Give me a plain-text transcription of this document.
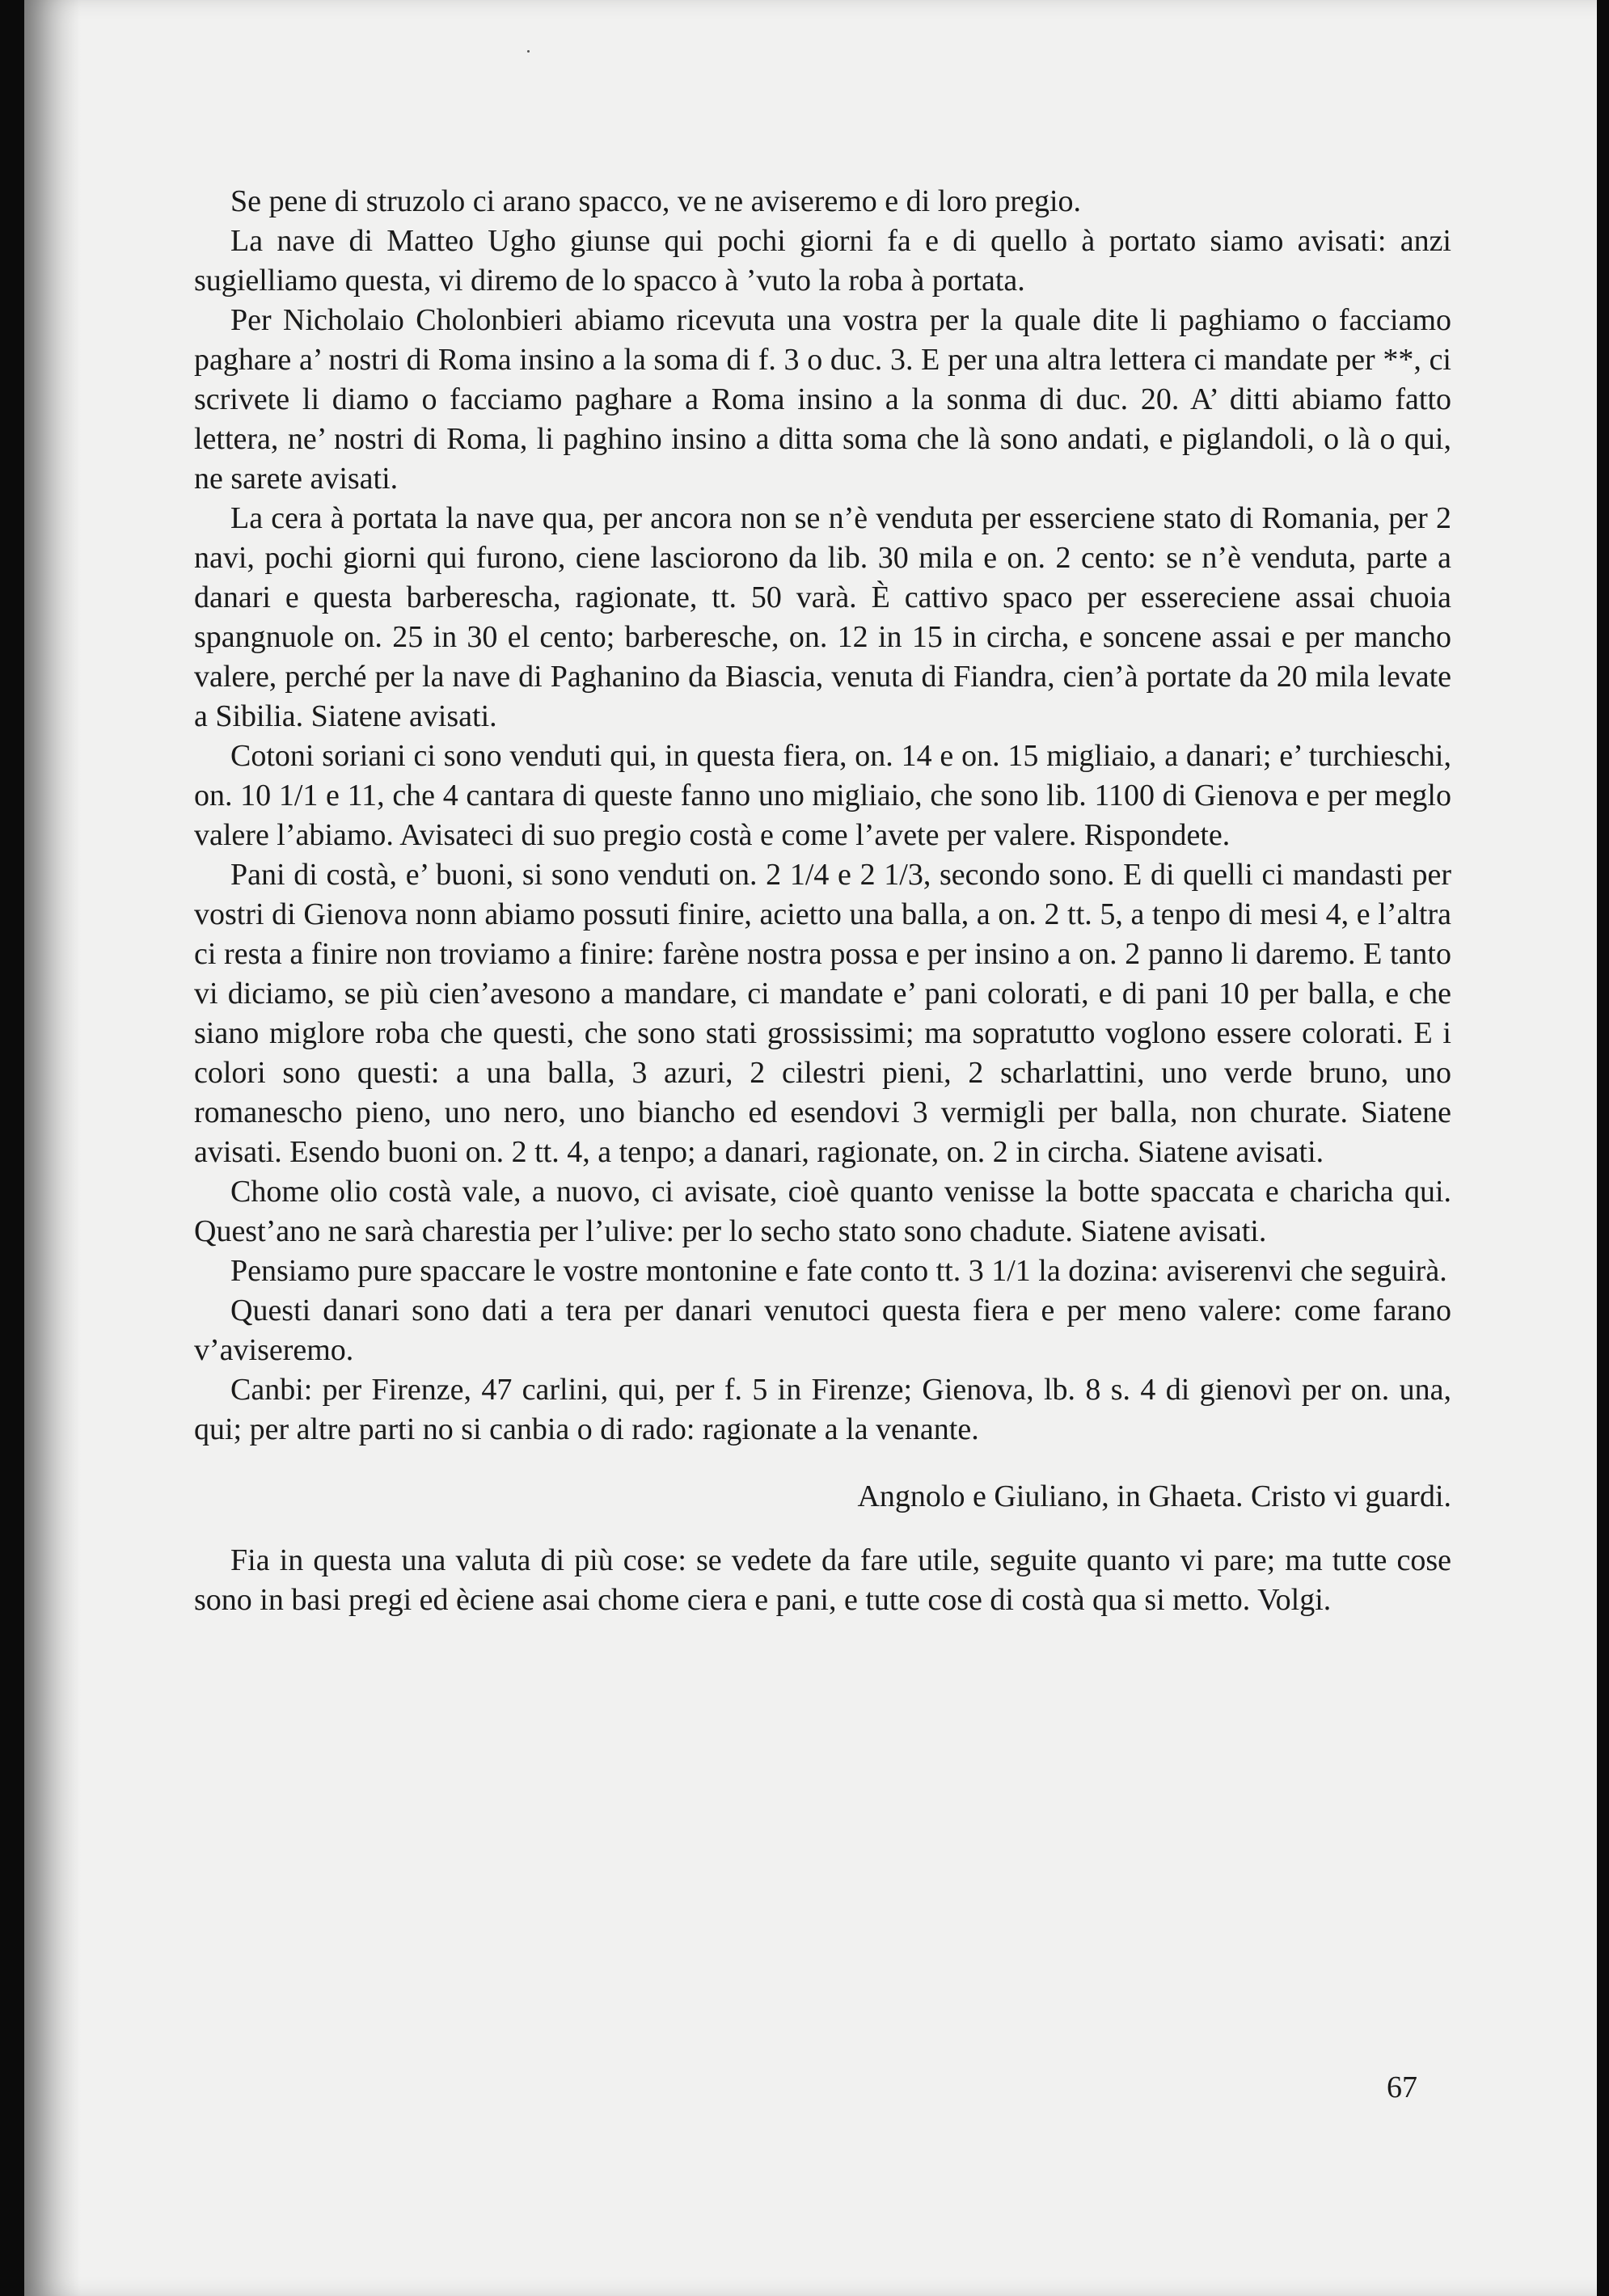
Se pene di struzolo ci arano spacco, ve ne aviseremo e di loro pregio.

La nave di Matteo Ugho giunse qui pochi giorni fa e di quello à portato siamo avisati: anzi sugielliamo questa, vi diremo de lo spacco à ’vuto la roba à portata.

Per Nicholaio Cholonbieri abiamo ricevuta una vostra per la quale dite li paghiamo o facciamo paghare a’ nostri di Roma insino a la soma di f. 3 o duc. 3. E per una altra lettera ci mandate per **, ci scrivete li diamo o facciamo paghare a Roma insino a la sonma di duc. 20. A’ ditti abiamo fatto lettera, ne’ nostri di Roma, li paghino insino a ditta soma che là sono andati, e piglandoli, o là o qui, ne sarete avisati.

La cera à portata la nave qua, per ancora non se n’è venduta per esserciene stato di Romania, per 2 navi, pochi giorni qui furono, ciene lasciorono da lib. 30 mila e on. 2 cento: se n’è venduta, parte a danari e questa barberescha, ragionate, tt. 50 varà. È cattivo spaco per essereciene assai chuoia spangnuole on. 25 in 30 el cento; barberesche, on. 12 in 15 in circha, e soncene assai e per mancho valere, perché per la nave di Paghanino da Biascia, venuta di Fiandra, cien’à portate da 20 mila levate a Sibilia. Siatene avisati.

Cotoni soriani ci sono venduti qui, in questa fiera, on. 14 e on. 15 migliaio, a danari; e’ turchieschi, on. 10 1/1 e 11, che 4 cantara di queste fanno uno migliaio, che sono lib. 1100 di Gienova e per meglo valere l’abiamo. Avisateci di suo pregio costà e come l’avete per valere. Rispondete.

Pani di costà, e’ buoni, si sono venduti on. 2 1/4 e 2 1/3, secondo sono. E di quelli ci mandasti per vostri di Gienova nonn abiamo possuti finire, acietto una balla, a on. 2 tt. 5, a tenpo di mesi 4, e l’altra ci resta a finire non troviamo a finire: farène nostra possa e per insino a on. 2 panno li daremo. E tanto vi diciamo, se più cien’avesono a mandare, ci mandate e’ pani colorati, e di pani 10 per balla, e che siano miglore roba che questi, che sono stati grossissimi; ma sopratutto voglono essere colorati. E i colori sono questi: a una balla, 3 azuri, 2 cilestri pieni, 2 scharlattini, uno verde bruno, uno romanescho pieno, uno nero, uno bianchо ed esendovi 3 vermigli per balla, non churate. Siatene avisati. Esendo buoni on. 2 tt. 4, a tenpo; a danari, ragionate, on. 2 in circha. Siatene avisati.

Chome olio costà vale, a nuovo, ci avisate, cioè quanto venisse la botte spaccata e charicha qui. Quest’ano ne sarà charestia per l’ulive: per lo secho stato sono chadute. Siatene avisati.

Pensiamo pure spaccare le vostre montonine e fate conto tt. 3 1/1 la dozina: aviserenvi che seguirà.

Questi danari sono dati a tera per danari venutoci questa fiera e per meno valere: come farano v’aviseremo.

Canbi: per Firenze, 47 carlini, qui, per f. 5 in Firenze; Gienova, lb. 8 s. 4 di gienovì per on. una, qui; per altre parti no si canbia o di rado: ragionate a la venante.

Angnolo e Giuliano, in Ghaeta. Cristo vi guardi.

Fia in questa una valuta di più cose: se vedete da fare utile, seguite quanto vi pare; ma tutte cose sono in basi pregi ed èciene asai chome ciera e pani, e tutte cose di costà qua si metto. Volgi.

67
